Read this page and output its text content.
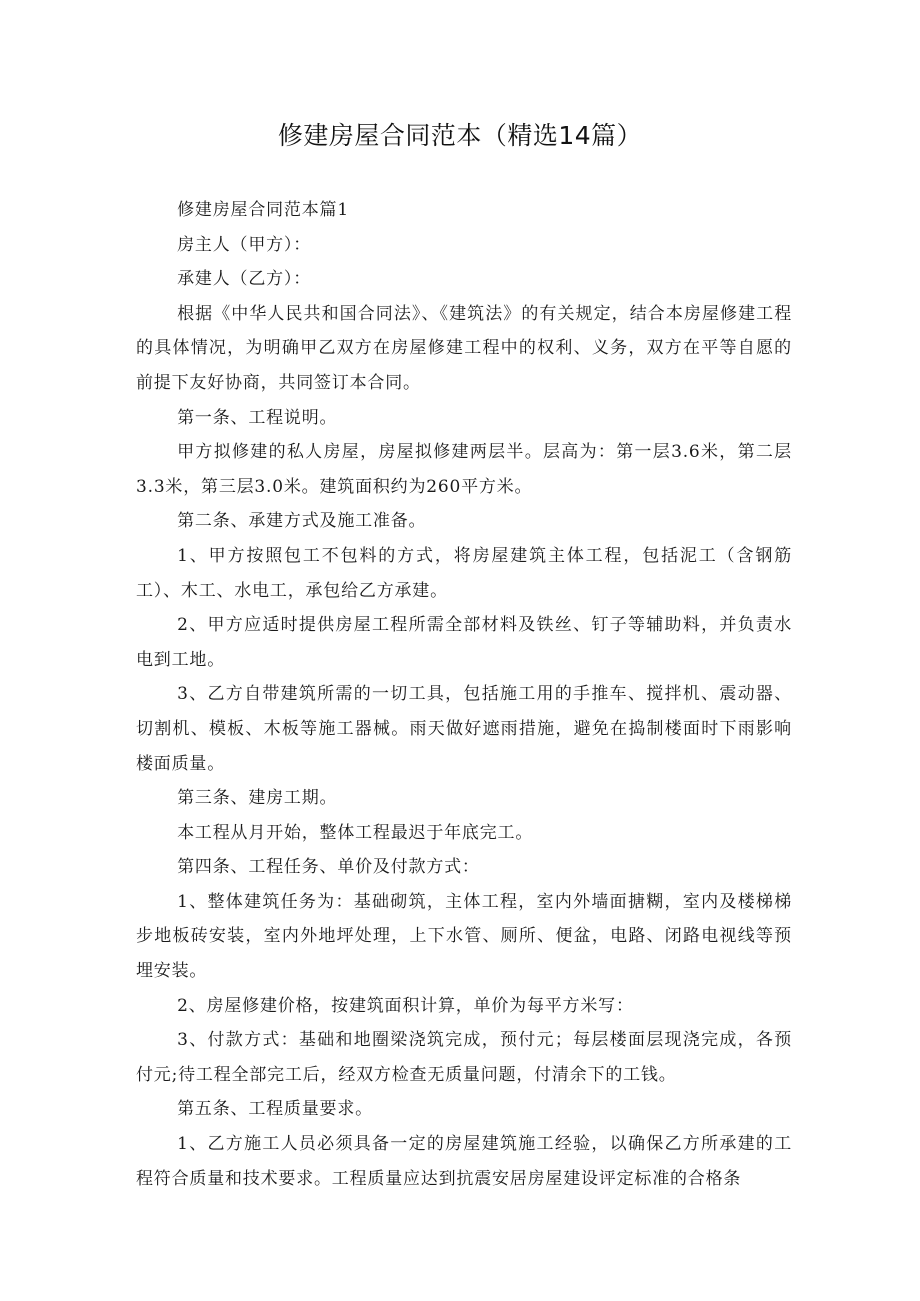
修建房屋合同范本（精选14篇）

修建房屋合同范本篇1

房主人（甲方）：

承建人（乙方）：

根据《中华人民共和国合同法》、《建筑法》的有关规定，结合本房屋修建工程的具体情况，为明确甲乙双方在房屋修建工程中的权利、义务，双方在平等自愿的前提下友好协商，共同签订本合同。

第一条、工程说明。

甲方拟修建的私人房屋，房屋拟修建两层半。层高为：第一层3.6米，第二层3.3米，第三层3.0米。建筑面积约为260平方米。

第二条、承建方式及施工准备。

1、甲方按照包工不包料的方式，将房屋建筑主体工程，包括泥工（含钢筋工）、木工、水电工，承包给乙方承建。

2、甲方应适时提供房屋工程所需全部材料及铁丝、钉子等辅助料，并负责水电到工地。

3、乙方自带建筑所需的一切工具，包括施工用的手推车、搅拌机、震动器、切割机、模板、木板等施工器械。雨天做好遮雨措施，避免在捣制楼面时下雨影响楼面质量。

第三条、建房工期。

本工程从月开始，整体工程最迟于年底完工。

第四条、工程任务、单价及付款方式：

1、整体建筑任务为：基础砌筑，主体工程，室内外墙面搪糊，室内及楼梯梯步地板砖安装，室内外地坪处理，上下水管、厕所、便盆，电路、闭路电视线等预埋安装。

2、房屋修建价格，按建筑面积计算，单价为每平方米写：

3、付款方式：基础和地圈梁浇筑完成，预付元；每层楼面层现浇完成，各预付元;待工程全部完工后，经双方检查无质量问题，付清余下的工钱。

第五条、工程质量要求。

1、乙方施工人员必须具备一定的房屋建筑施工经验，以确保乙方所承建的工程符合质量和技术要求。工程质量应达到抗震安居房屋建设评定标准的合格条
